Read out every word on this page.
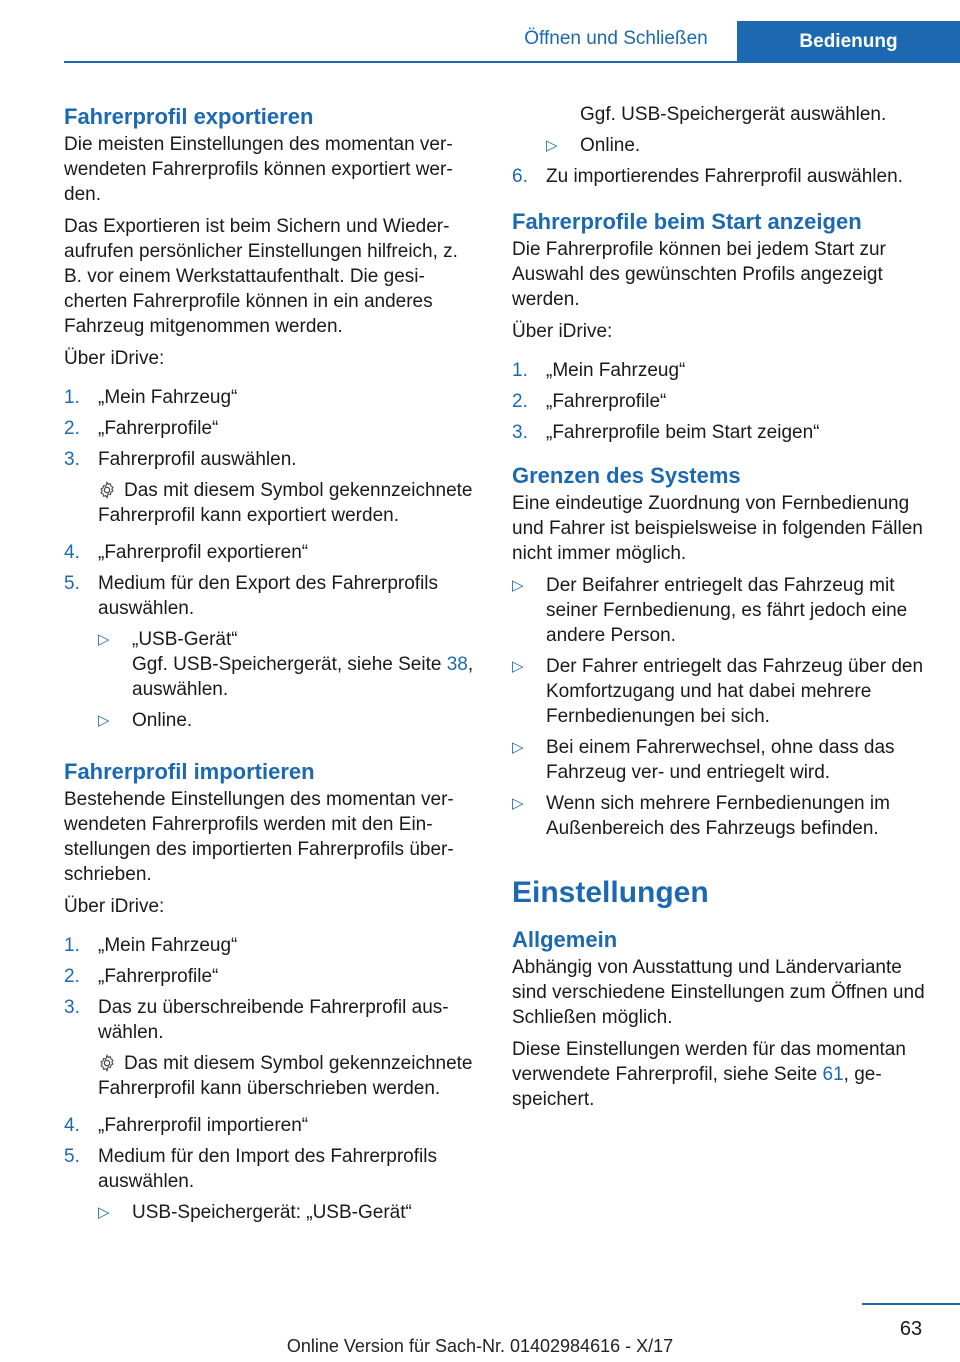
Öffnen und Schließen	Bedienung
Fahrerprofil exportieren

Die meisten Einstellungen des momentan verwendeten Fahrerprofils können exportiert werden.

Das Exportieren ist beim Sichern und Wiederaufrufen persönlicher Einstellungen hilfreich, z. B. vor einem Werkstattaufenthalt. Die gesicherten Fahrerprofile können in ein anderes Fahrzeug mitgenommen werden.

Über iDrive:

1. „Mein Fahrzeug“
2. „Fahrerprofile“
3. Fahrerprofil auswählen.
Das mit diesem Symbol gekennzeichnete Fahrerprofil kann exportiert werden.
4. „Fahrerprofil exportieren“
5. Medium für den Export des Fahrerprofils auswählen.
▷	„USB-Gerät“
Ggf. USB-Speichergerät, siehe Seite 38, auswählen.
▷	Online.
Fahrerprofil importieren

Bestehende Einstellungen des momentan verwendeten Fahrerprofils werden mit den Einstellungen des importierten Fahrerprofils überschrieben.

Über iDrive:

1. „Mein Fahrzeug“
2. „Fahrerprofile“
3. Das zu überschreibende Fahrerprofil auswählen.
Das mit diesem Symbol gekennzeichnete Fahrerprofil kann überschrieben werden.
4. „Fahrerprofil importieren“
5. Medium für den Import des Fahrerprofils auswählen.
▷	USB-Speichergerät: „USB-Gerät“
Ggf. USB-Speichergerät auswählen.
▷	Online.
6. Zu importierendes Fahrerprofil auswählen.
Fahrerprofile beim Start anzeigen

Die Fahrerprofile können bei jedem Start zur Auswahl des gewünschten Profils angezeigt werden.

Über iDrive:

1. „Mein Fahrzeug“
2. „Fahrerprofile“
3. „Fahrerprofile beim Start zeigen“
Grenzen des Systems

Eine eindeutige Zuordnung von Fernbedienung und Fahrer ist beispielsweise in folgenden Fällen nicht immer möglich.

▷	Der Beifahrer entriegelt das Fahrzeug mit seiner Fernbedienung, es fährt jedoch eine andere Person.
▷	Der Fahrer entriegelt das Fahrzeug über den Komfortzugang und hat dabei mehrere Fernbedienungen bei sich.
▷	Bei einem Fahrerwechsel, ohne dass das Fahrzeug ver- und entriegelt wird.
▷	Wenn sich mehrere Fernbedienungen im Außenbereich des Fahrzeugs befinden.
Einstellungen
Allgemein

Abhängig von Ausstattung und Ländervariante sind verschiedene Einstellungen zum Öffnen und Schließen möglich.

Diese Einstellungen werden für das momentan verwendete Fahrerprofil, siehe Seite 61, gespeichert.

63
Online Version für Sach-Nr. 01402984616 - X/17
